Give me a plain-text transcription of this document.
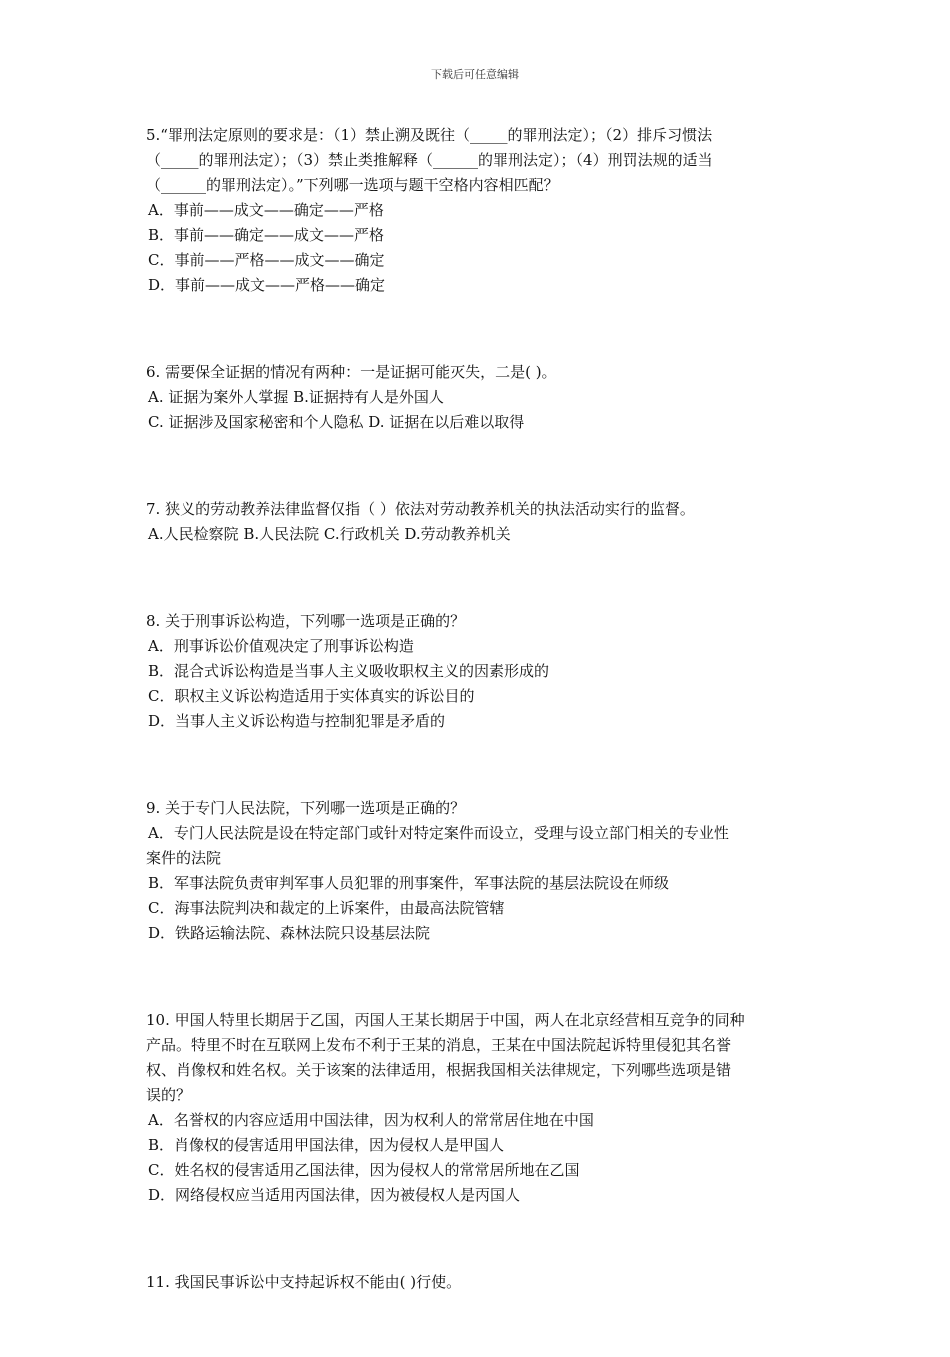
下载后可任意编辑

5.“罪刑法定原则的要求是：（1）禁止溯及既往（_____的罪刑法定）；（2）排斥习惯法

（_____的罪刑法定）；（3）禁止类推解释（______的罪刑法定）；（4）刑罚法规的适当

（______的罪刑法定）。”下列哪一选项与题干空格内容相匹配？

A．事前——成文——确定——严格

B．事前——确定——成文——严格

C．事前——严格——成文——确定

D．事前——成文——严格——确定

6. 需要保全证据的情况有两种：一是证据可能灭失，二是( )。

A. 证据为案外人掌握 B.证据持有人是外国人

C. 证据涉及国家秘密和个人隐私 D. 证据在以后难以取得

7. 狭义的劳动教养法律监督仅指（ ）依法对劳动教养机关的执法活动实行的监督。

A.人民检察院 B.人民法院 C.行政机关 D.劳动教养机关

8. 关于刑事诉讼构造，下列哪一选项是正确的？

A．刑事诉讼价值观决定了刑事诉讼构造

B．混合式诉讼构造是当事人主义吸收职权主义的因素形成的

C．职权主义诉讼构造适用于实体真实的诉讼目的

D．当事人主义诉讼构造与控制犯罪是矛盾的

9. 关于专门人民法院，下列哪一选项是正确的？

A．专门人民法院是设在特定部门或针对特定案件而设立，受理与设立部门相关的专业性

案件的法院

B．军事法院负责审判军事人员犯罪的刑事案件，军事法院的基层法院设在师级

C．海事法院判决和裁定的上诉案件，由最高法院管辖

D．铁路运输法院、森林法院只设基层法院

10. 甲国人特里长期居于乙国，丙国人王某长期居于中国，两人在北京经营相互竞争的同种

产品。特里不时在互联网上发布不利于王某的消息，王某在中国法院起诉特里侵犯其名誉

权、肖像权和姓名权。关于该案的法律适用，根据我国相关法律规定，下列哪些选项是错

误的？

A．名誉权的内容应适用中国法律，因为权利人的常常居住地在中国

B．肖像权的侵害适用甲国法律，因为侵权人是甲国人

C．姓名权的侵害适用乙国法律，因为侵权人的常常居所地在乙国

D．网络侵权应当适用丙国法律，因为被侵权人是丙国人

11. 我国民事诉讼中支持起诉权不能由( )行使。
